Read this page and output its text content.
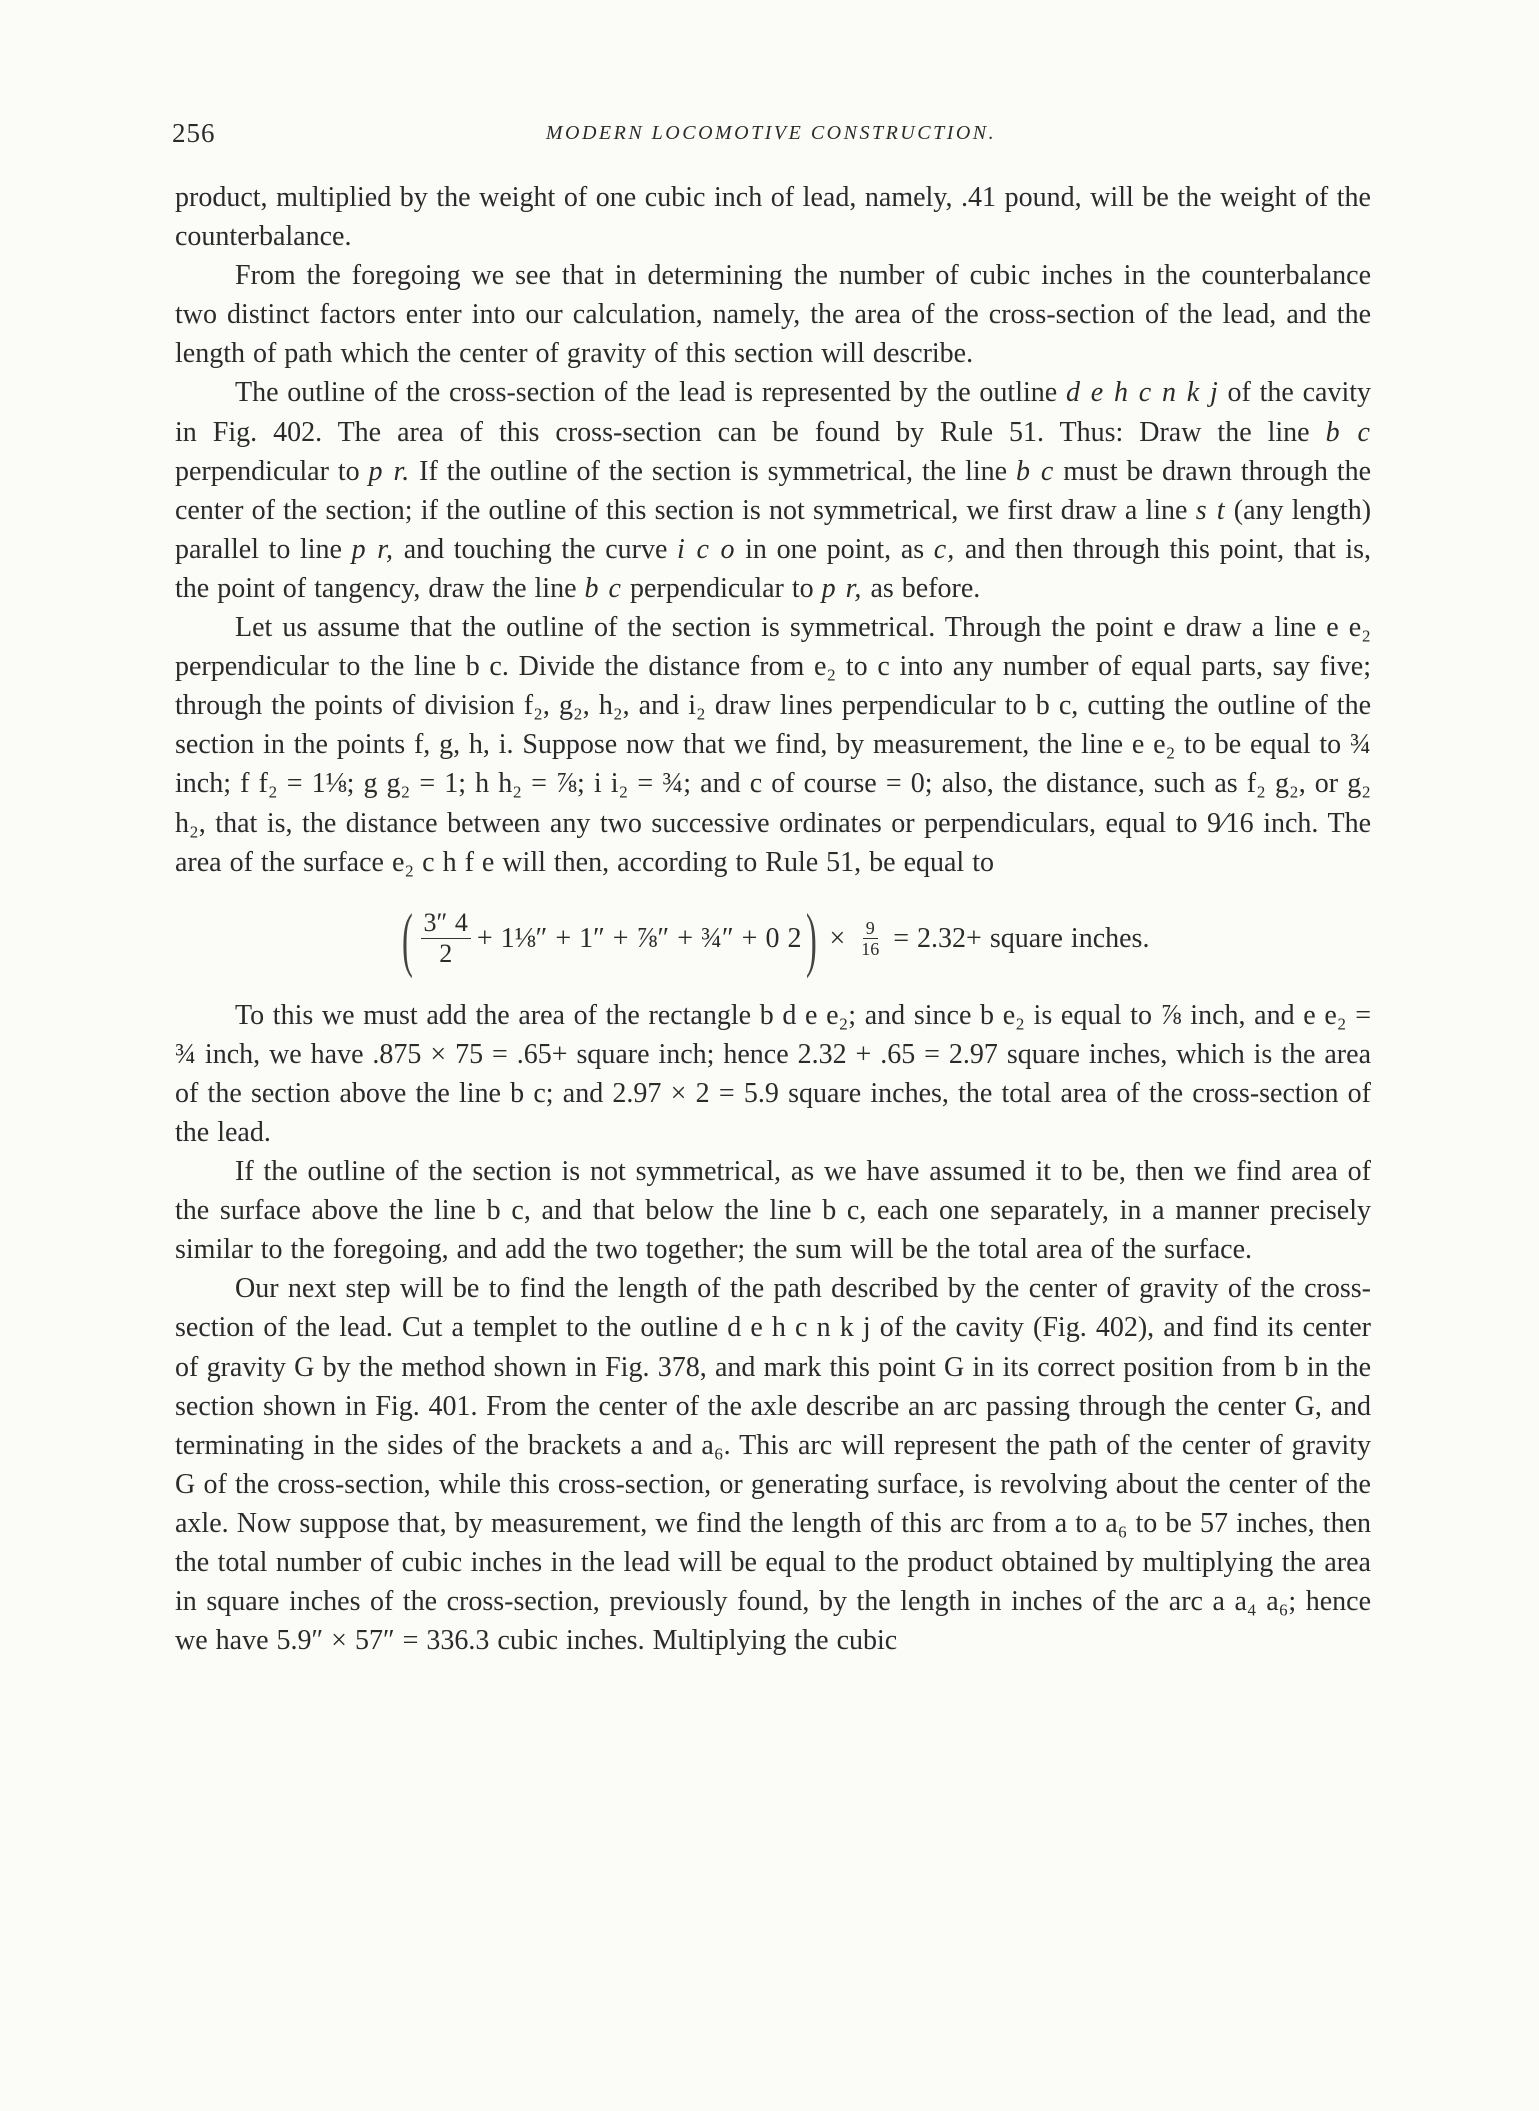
256	MODERN LOCOMOTIVE CONSTRUCTION.

product, multiplied by the weight of one cubic inch of lead, namely, .41 pound, will be the weight of the counterbalance.

From the foregoing we see that in determining the number of cubic inches in the counterbalance two distinct factors enter into our calculation, namely, the area of the cross-section of the lead, and the length of path which the center of gravity of this section will describe.

The outline of the cross-section of the lead is represented by the outline d e h c n k j of the cavity in Fig. 402. The area of this cross-section can be found by Rule 51. Thus: Draw the line b c perpendicular to p r. If the outline of the section is symmetrical, the line b c must be drawn through the center of the section; if the outline of this section is not symmetrical, we first draw a line s t (any length) parallel to line p r, and touching the curve i c o in one point, as c, and then through this point, that is, the point of tangency, draw the line b c perpendicular to p r, as before.

Let us assume that the outline of the section is symmetrical. Through the point e draw a line e e₂ perpendicular to the line b c. Divide the distance from e₂ to c into any number of equal parts, say five; through the points of division f₂, g₂, h₂, and i₂ draw lines perpendicular to b c, cutting the outline of the section in the points f, g, h, i. Suppose now that we find, by measurement, the line e e₂ to be equal to ¾ inch; f f₂ = 1⅛; g g₂ = 1; h h₂ = ⅞; i i₂ = ¾; and c of course = 0; also, the distance, such as f₂ g₂, or g₂ h₂, that is, the distance between any two successive ordinates or perpendiculars, equal to 9⁄16 inch. The area of the surface e₂ c h f e will then, according to Rule 51, be equal to

( $\frac{3'' 4}{2}$ + 1⅛″ + 1″ + ⅞″ + ¾″ + 0 2 ) × $\frac{9}{16} = 2.32+$ square inches.

To this we must add the area of the rectangle b d e e₂; and since b e₂ is equal to ⅞ inch, and e e₂ = ¾ inch, we have .875 × 75 = .65+ square inch; hence 2.32 + .65 = 2.97 square inches, which is the area of the section above the line b c; and 2.97 × 2 = 5.9 square inches, the total area of the cross-section of the lead.

If the outline of the section is not symmetrical, as we have assumed it to be, then we find area of the surface above the line b c, and that below the line b c, each one separately, in a manner precisely similar to the foregoing, and add the two together; the sum will be the total area of the surface.

Our next step will be to find the length of the path described by the center of gravity of the cross-section of the lead. Cut a templet to the outline d e h c n k j of the cavity (Fig. 402), and find its center of gravity G by the method shown in Fig. 378, and mark this point G in its correct position from b in the section shown in Fig. 401. From the center of the axle describe an arc passing through the center G, and terminating in the sides of the brackets a and a₆. This arc will represent the path of the center of gravity G of the cross-section, while this cross-section, or generating surface, is revolving about the center of the axle. Now suppose that, by measurement, we find the length of this arc from a to a₆ to be 57 inches, then the total number of cubic inches in the lead will be equal to the product obtained by multiplying the area in square inches of the cross-section, previously found, by the length in inches of the arc a a₄ a₆; hence we have 5.9″ × 57″ = 336.3 cubic inches. Multiplying the cubic
